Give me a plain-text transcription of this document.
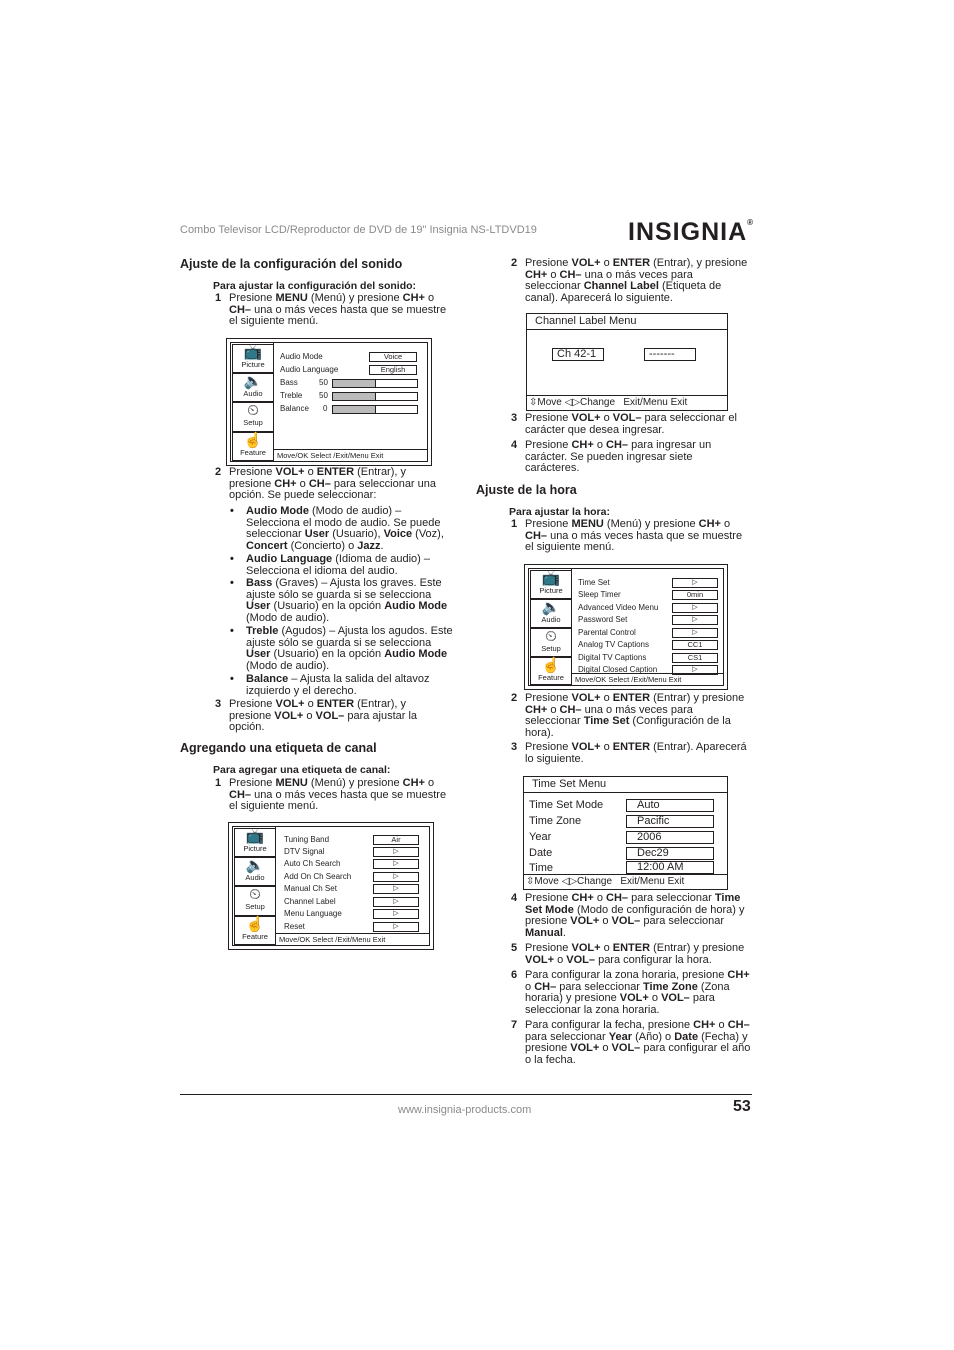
Combo Televisor LCD/Reproductor de DVD de 19" Insignia NS-LTDVD19	INSIGNIA®
Ajuste de la configuración del sonido
Para ajustar la configuración del sonido:
1 Presione MENU (Menú) y presione CH+ o CH– una o más veces hasta que se muestre el siguiente menú.
📺
Picture
🔈
Audio
⏲
Setup
☝
Feature
Audio Mode	Voice
Audio Language	English
Bass	50
Treble 50
Balance 0
Move/OK Select /Exit/Menu Exit
2 Presione VOL+ o ENTER (Entrar), y presione CH+ o CH– para seleccionar una opción. Se puede seleccionar:
• Audio Mode (Modo de audio) – Selecciona el modo de audio. Se puede seleccionar User (Usuario), Voice (Voz), Concert (Concierto) o Jazz.
• Audio Language (Idioma de audio) – Selecciona el idioma del audio.
• Bass (Graves) – Ajusta los graves. Este ajuste sólo se guarda si se selecciona User (Usuario) en la opción Audio Mode (Modo de audio).
• Treble (Agudos) – Ajusta los agudos. Este ajuste sólo se guarda si se selecciona User (Usuario) en la opción Audio Mode (Modo de audio).
• Balance – Ajusta la salida del altavoz izquierdo y el derecho.
3 Presione VOL+ o ENTER (Entrar), y presione VOL+ o VOL– para ajustar la opción.
Agregando una etiqueta de canal
Para agregar una etiqueta de canal:
1 Presione MENU (Menú) y presione CH+ o CH– una o más veces hasta que se muestre el siguiente menú.
📺
Picture
🔈
Audio
⏲
Setup
☝
Feature
Tuning Band	Air
DTV Signal	▷
Auto Ch Search	▷
Add On Ch Search	▷
Manual Ch Set	▷
Channel Label	▷
Menu Language	▷
Reset	▷
Move/OK Select /Exit/Menu Exit
2 Presione VOL+ o ENTER (Entrar), y presione CH+ o CH– una o más veces para seleccionar Channel Label (Etiqueta de canal). Aparecerá lo siguiente.
Channel Label Menu
Ch 42-1	-------
⇳Move ◁▷Change Exit/Menu Exit
3 Presione VOL+ o VOL– para seleccionar el carácter que desea ingresar.
4 Presione CH+ o CH– para ingresar un carácter. Se pueden ingresar siete carácteres.
Ajuste de la hora
Para ajustar la hora:
1 Presione MENU (Menú) y presione CH+ o CH– una o más veces hasta que se muestre el siguiente menú.
📺
Picture
🔈
Audio
⏲
Setup
☝
Feature
Time Set	▷
Sleep Timer	0min
Advanced Video Menu	▷
Password Set	▷
Parental Control	▷
Analog TV Captions	CC1
Digital TV Captions	CS1
Digital Closed Caption	▷
Move/OK Select /Exit/Menu Exit
2 Presione VOL+ o ENTER (Entrar) y presione CH+ o CH– una o más veces para seleccionar Time Set (Configuración de la hora).
3 Presione VOL+ o ENTER (Entrar). Aparecerá lo siguiente.
Time Set Menu
Time Set Mode	Auto
Time Zone	Pacific
Year	2006
Date	Dec29
Time	12:00 AM
⇳Move ◁▷Change Exit/Menu Exit
4 Presione CH+ o CH– para seleccionar Time Set Mode (Modo de configuración de hora) y presione VOL+ o VOL– para seleccionar Manual.
5 Presione VOL+ o ENTER (Entrar) y presione VOL+ o VOL– para configurar la hora.
6 Para configurar la zona horaria, presione CH+ o CH– para seleccionar Time Zone (Zona horaria) y presione VOL+ o VOL– para seleccionar la zona horaria.
7 Para configurar la fecha, presione CH+ o CH– para seleccionar Year (Año) o Date (Fecha) y presione VOL+ o VOL– para configurar el año o la fecha.
www.insignia-products.com	53
